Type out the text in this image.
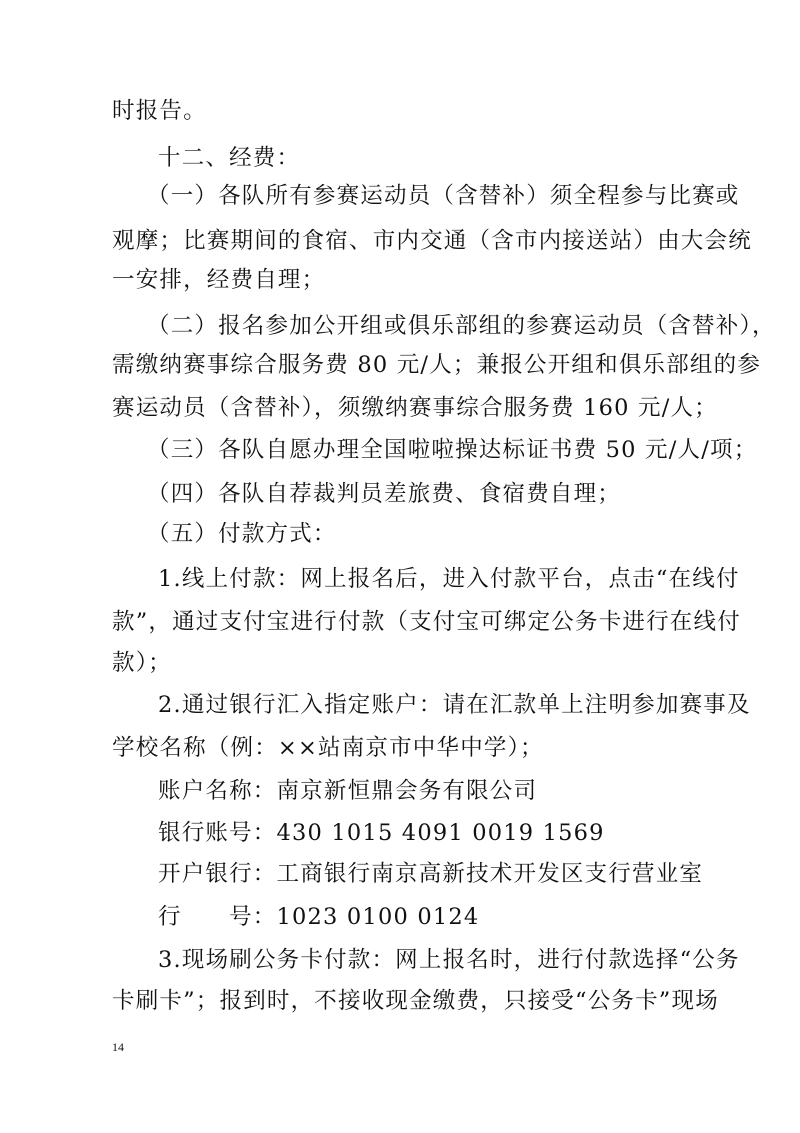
时报告。
十二、经费：
（一）各队所有参赛运动员（含替补）须全程参与比赛或
观摩；比赛期间的食宿、市内交通（含市内接送站）由大会统
一安排，经费自理；
（二）报名参加公开组或俱乐部组的参赛运动员（含替补），
需缴纳赛事综合服务费 80 元/人；兼报公开组和俱乐部组的参
赛运动员（含替补），须缴纳赛事综合服务费 160 元/人；
（三）各队自愿办理全国啦啦操达标证书费 50 元/人/项；
（四）各队自荐裁判员差旅费、食宿费自理；
（五）付款方式：
1.线上付款：网上报名后，进入付款平台，点击“在线付
款”，通过支付宝进行付款（支付宝可绑定公务卡进行在线付
款）；
2.通过银行汇入指定账户：请在汇款单上注明参加赛事及
学校名称（例：××站南京市中华中学）；
账户名称：南京新恒鼎会务有限公司
银行账号：430 1015 4091 0019 1569
开户银行：工商银行南京高新技术开发区支行营业室
行　　号：1023 0100 0124
3.现场刷公务卡付款：网上报名时，进行付款选择“公务
卡刷卡”；报到时，不接收现金缴费，只接受“公务卡”现场
14
